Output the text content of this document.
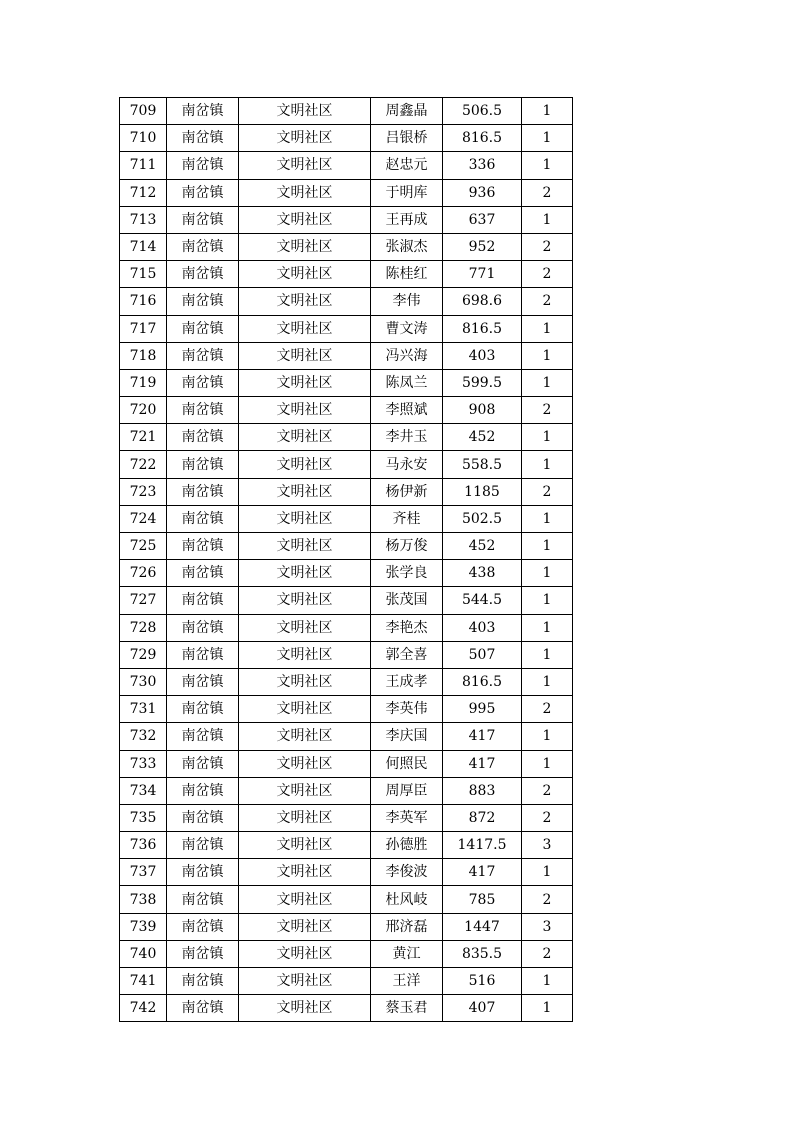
709	南岔镇	文明社区	周鑫晶	506.5	1
710	南岔镇	文明社区	吕银桥	816.5	1
711	南岔镇	文明社区	赵忠元	336	1
712	南岔镇	文明社区	于明库	936	2
713	南岔镇	文明社区	王再成	637	1
714	南岔镇	文明社区	张淑杰	952	2
715	南岔镇	文明社区	陈桂红	771	2
716	南岔镇	文明社区	李伟	698.6	2
717	南岔镇	文明社区	曹文涛	816.5	1
718	南岔镇	文明社区	冯兴海	403	1
719	南岔镇	文明社区	陈凤兰	599.5	1
720	南岔镇	文明社区	李照斌	908	2
721	南岔镇	文明社区	李井玉	452	1
722	南岔镇	文明社区	马永安	558.5	1
723	南岔镇	文明社区	杨伊新	1185	2
724	南岔镇	文明社区	齐桂	502.5	1
725	南岔镇	文明社区	杨万俊	452	1
726	南岔镇	文明社区	张学良	438	1
727	南岔镇	文明社区	张茂国	544.5	1
728	南岔镇	文明社区	李艳杰	403	1
729	南岔镇	文明社区	郭全喜	507	1
730	南岔镇	文明社区	王成孝	816.5	1
731	南岔镇	文明社区	李英伟	995	2
732	南岔镇	文明社区	李庆国	417	1
733	南岔镇	文明社区	何照民	417	1
734	南岔镇	文明社区	周厚臣	883	2
735	南岔镇	文明社区	李英军	872	2
736	南岔镇	文明社区	孙德胜	1417.5	3
737	南岔镇	文明社区	李俊波	417	1
738	南岔镇	文明社区	杜风岐	785	2
739	南岔镇	文明社区	邢济磊	1447	3
740	南岔镇	文明社区	黄江	835.5	2
741	南岔镇	文明社区	王洋	516	1
742	南岔镇	文明社区	蔡玉君	407	1
